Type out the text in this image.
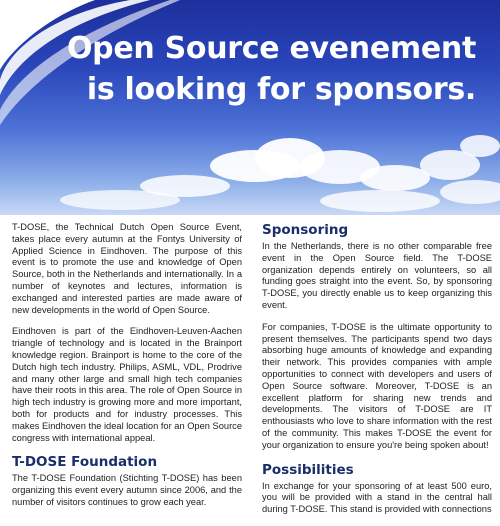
Open Source evenement
is looking for sponsors.

T-DOSE, the Technical Dutch Open Source Event, takes place every autumn at the Fontys University of Applied Science in Eindhoven. The purpose of this event is to promote the use and knowledge of Open Source, both in the Netherlands and internationally. In a number of keynotes and lectures, information is exchanged and interested parties are made aware of new developments in the world of Open Source.

Eindhoven is part of the Eindhoven-Leuven-Aachen triangle of technology and is located in the Brainport knowledge region. Brainport is home to the core of the Dutch high tech industry. Philips, ASML, VDL, Prodrive and many other large and small high tech companies have their roots in this area. The role of Open Source in high tech industry is growing more and more important, both for products and for industry processes. This makes Eindhoven the ideal location for an Open Source congress with international appeal.

T-DOSE Foundation

The T-DOSE Foundation (Stichting T-DOSE) has been organizing this event every autumn since 2006, and the number of visitors continues to grow each year.

Sponsoring

In the Netherlands, there is no other comparable free event in the Open Source field. The T-DOSE organization depends entirely on volunteers, so all funding goes straight into the event. So, by sponsoring T-DOSE, you directly enable us to keep organizing this event.

For companies, T-DOSE is the ultimate opportunity to present themselves. The participants spend two days absorbing huge amounts of knowledge and expanding their network. This provides companies with ample opportunities to connect with developers and users of Open Source software. Moreover, T-DOSE is an excellent platform for sharing new trends and developments. The visitors of T-DOSE are IT enthousiasts who love to share information with the rest of the community. This makes T-DOSE the event for your organization to ensure you're being spoken about!

Possibilities

In exchange for your sponsoring of at least 500 euro, you will be provided with a stand in the central hall during T-DOSE. This stand is provided with connections
